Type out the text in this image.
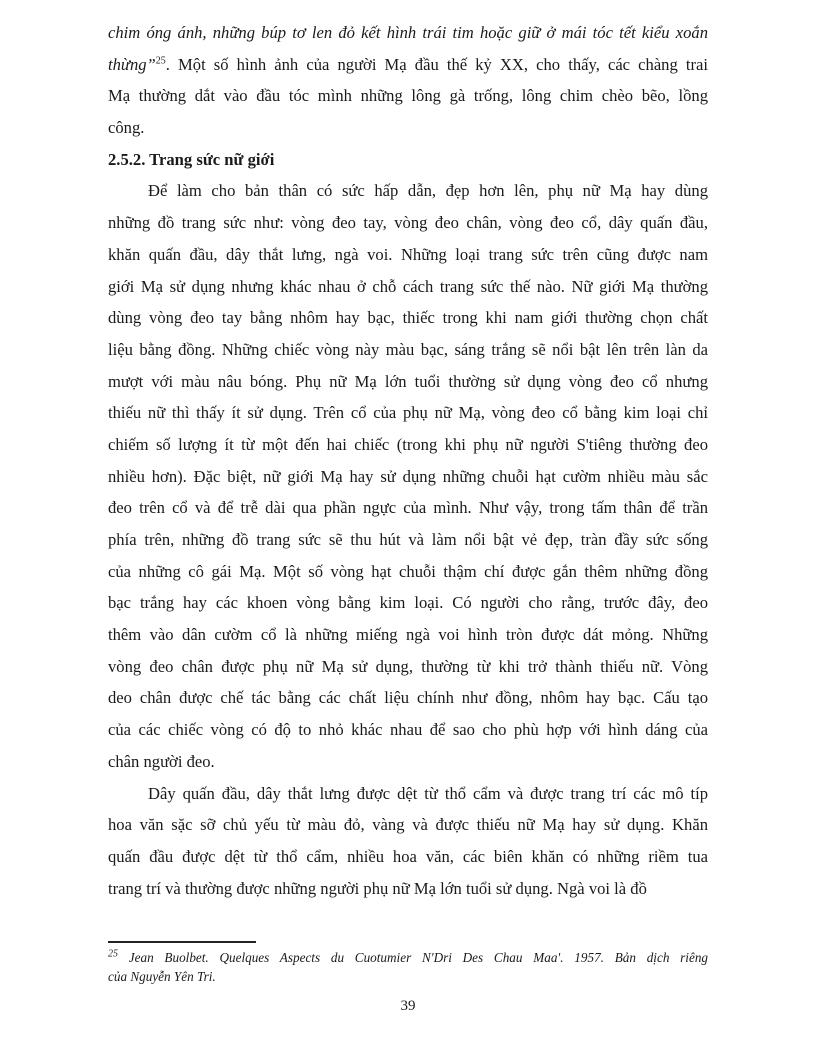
chim óng ánh, những búp tơ len đỏ kết hình trái tim hoặc giữ ở mái tóc tết kiểu xoắn
thừng”$^{25}$. Một số hình ảnh của người Mạ đầu thế kỷ XX, cho thấy, các chàng trai
Mạ thường dắt vào đầu tóc mình những lông gà trống, lông chim chèo bẽo, lồng
công.
2.5.2. Trang sức nữ giới
Để làm cho bản thân có sức hấp dẫn, đẹp hơn lên, phụ nữ Mạ hay dùng
những đồ trang sức như: vòng đeo tay, vòng đeo chân, vòng đeo cổ, dây quấn đầu,
khăn quấn đầu, dây thắt lưng, ngà voi. Những loại trang sức trên cũng được nam
giới Mạ sử dụng nhưng khác nhau ở chỗ cách trang sức thế nào. Nữ giới Mạ thường
dùng vòng đeo tay bằng nhôm hay bạc, thiếc trong khi nam giới thường chọn chất
liệu bằng đồng. Những chiếc vòng này màu bạc, sáng trắng sẽ nổi bật lên trên làn da
mượt với màu nâu bóng. Phụ nữ Mạ lớn tuổi thường sử dụng vòng đeo cổ nhưng
thiếu nữ thì thấy ít sử dụng. Trên cổ của phụ nữ Mạ, vòng đeo cổ bằng kim loại chỉ
chiếm số lượng ít từ một đến hai chiếc (trong khi phụ nữ người S'tiêng thường đeo
nhiều hơn). Đặc biệt, nữ giới Mạ hay sử dụng những chuỗi hạt cườm nhiều màu sắc
đeo trên cổ và để trễ dài qua phần ngực của mình. Như vậy, trong tấm thân để trần
phía trên, những đồ trang sức sẽ thu hút và làm nổi bật vẻ đẹp, tràn đầy sức sống
của những cô gái Mạ. Một số vòng hạt chuỗi thậm chí được gắn thêm những đồng
bạc trắng hay các khoen vòng bằng kim loại. Có người cho rằng, trước đây, đeo
thêm vào dân cườm cổ là những miếng ngà voi hình tròn được dát mỏng. Những
vòng đeo chân được phụ nữ Mạ sử dụng, thường từ khi trở thành thiếu nữ. Vòng
deo chân được chế tác bằng các chất liệu chính như đồng, nhôm hay bạc. Cấu tạo
của các chiếc vòng có độ to nhỏ khác nhau để sao cho phù hợp với hình dáng của
chân người đeo.
Dây quấn đầu, dây thắt lưng được dệt từ thổ cẩm và được trang trí các mô típ
hoa văn sặc sỡ chủ yếu từ màu đỏ, vàng và được thiếu nữ Mạ hay sử dụng. Khăn
quấn đầu được dệt từ thổ cẩm, nhiều hoa văn, các biên khăn có những riềm tua
trang trí và thường được những người phụ nữ Mạ lớn tuổi sử dụng. Ngà voi là đồ
$^{25}$ Jean Buolbet. Quelques Aspects du Cuotumier N'Dri Des Chau Maa'. 1957. Bản dịch riêng
của Nguyễn Yên Tri.
39
